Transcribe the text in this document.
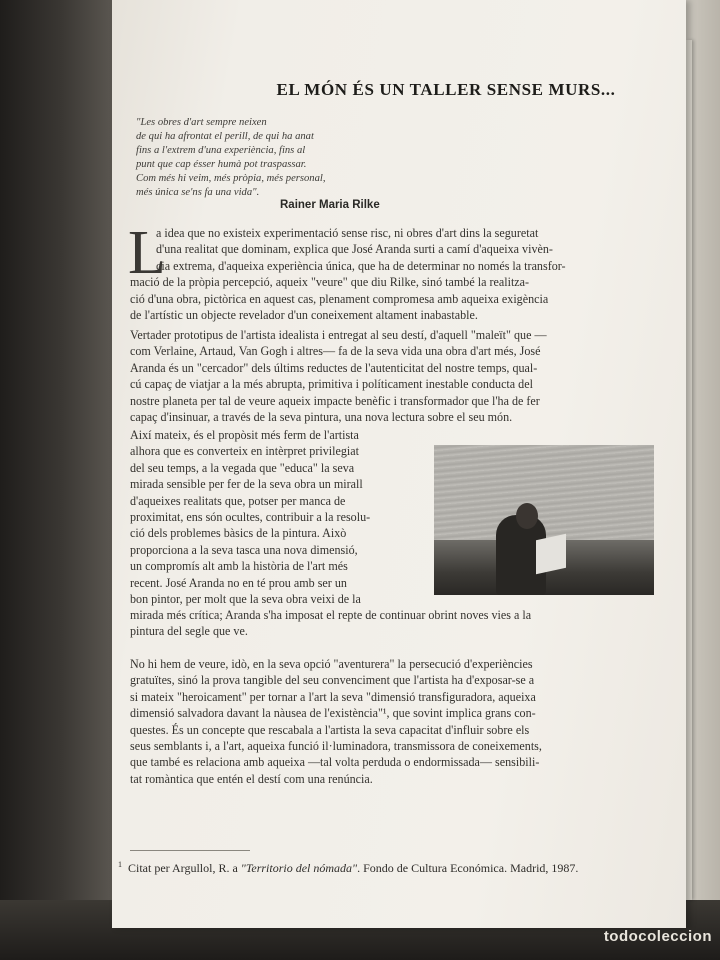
EL MÓN ÉS UN TALLER SENSE MURS...
"Les obres d'art sempre neixen
de qui ha afrontat el perill, de qui ha anat
fins a l'extrem d'una experiència, fins al
punt que cap ésser humà pot traspassar.
Com més hi veim, més pròpia, més personal,
més única se'ns fa una vida".
Rainer Maria Rilke
L
a idea que no existeix experimentació sense risc, ni obres d'art dins la seguretat
d'una realitat que dominam, explica que José Aranda surti a camí d'aqueixa vivèn-
cia extrema, d'aqueixa experiència única, que ha de determinar no només la transfor-
mació de la pròpia percepció, aqueix "veure" que diu Rilke, sinó també la realitza-
ció d'una obra, pictòrica en aquest cas, plenament compromesa amb aqueixa exigència
de l'artístic un objecte revelador d'un coneixement altament inabastable.
Vertader prototipus de l'artista idealista i entregat al seu destí, d'aquell "maleït" que —
com Verlaine, Artaud, Van Gogh i altres— fa de la seva vida una obra d'art més, José
Aranda és un "cercador" dels últims reductes de l'autenticitat del nostre temps, qual-
cú capaç de viatjar a la més abrupta, primitiva i políticament inestable conducta del
nostre planeta per tal de veure aqueix impacte benèfic i transformador que l'ha de fer
capaç d'insinuar, a través de la seva pintura, una nova lectura sobre el seu món.
Així mateix, és el propòsit més ferm de l'artista
alhora que es converteix en intèrpret privilegiat
del seu temps, a la vegada que "educa" la seva
mirada sensible per fer de la seva obra un mirall
d'aqueixes realitats que, potser per manca de
proximitat, ens són ocultes, contribuir a la resolu-
ció dels problemes bàsics de la pintura. Això
proporciona a la seva tasca una nova dimensió,
un compromís alt amb la història de l'art més
recent. José Aranda no en té prou amb ser un
bon pintor, per molt que la seva obra veixi de la
mirada més crítica; Aranda s'ha imposat el repte de continuar obrint noves vies a la
pintura del segle que ve.
No hi hem de veure, idò, en la seva opció "aventurera" la persecució d'experiències
gratuïtes, sinó la prova tangible del seu convenciment que l'artista ha d'exposar-se a
si mateix "heroicament" per tornar a l'art la seva "dimensió transfiguradora, aqueixa
dimensió salvadora davant la nàusea de l'existència"¹, que sovint implica grans con-
questes. És un concepte que rescabala a l'artista la seva capacitat d'influir sobre els
seus semblants i, a l'art, aqueixa funció il·luminadora, transmissora de coneixements,
que també es relaciona amb aqueixa —tal volta perduda o endormissada— sensibili-
tat romàntica que entén el destí com una renúncia.
$^1$ Citat per Argullol, R. a "Territorio del nómada". Fondo de Cultura Económica. Madrid, 1987.
todocoleccion
